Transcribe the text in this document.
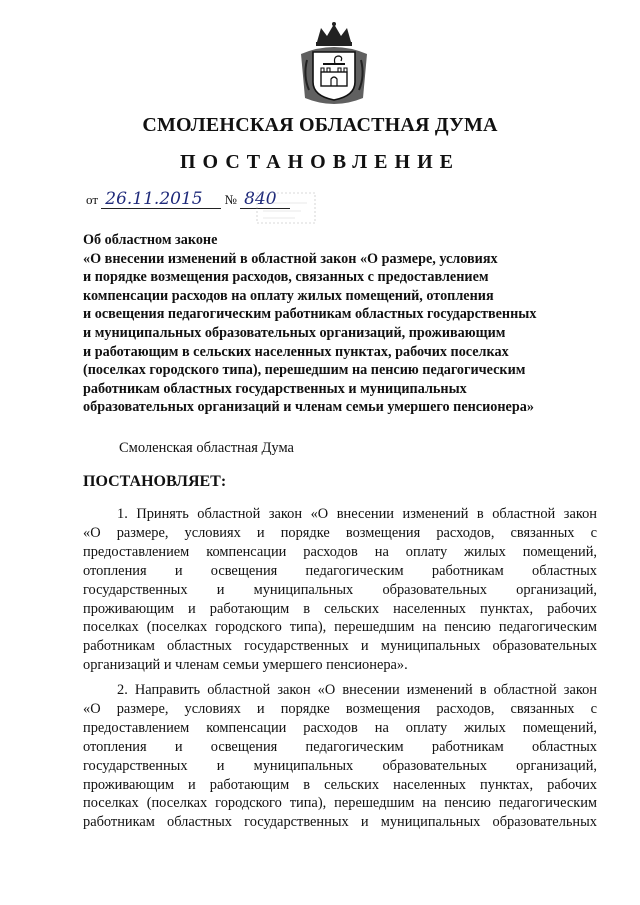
СМОЛЕНСКАЯ ОБЛАСТНАЯ ДУМА
ПОСТАНОВЛЕНИЕ
от 26.11.2015 № 840
Об областном законе
«О внесении изменений в областной закон «О размере, условиях
и порядке возмещения расходов, связанных с предоставлением
компенсации расходов на оплату жилых помещений, отопления
и освещения педагогическим работникам областных государственных
и муниципальных образовательных организаций, проживающим
и работающим в сельских населенных пунктах, рабочих поселках
(поселках городского типа), перешедшим на пенсию педагогическим
работникам областных государственных и муниципальных
образовательных организаций и членам семьи умершего пенсионера»
Смоленская областная Дума
ПОСТАНОВЛЯЕТ:
1. Принять областной закон «О внесении изменений в областной закон
«О размере, условиях и порядке возмещения расходов, связанных с
предоставлением компенсации расходов на оплату жилых помещений,
отопления и освещения педагогическим работникам областных
государственных и муниципальных образовательных организаций,
проживающим и работающим в сельских населенных пунктах, рабочих
поселках (поселках городского типа), перешедшим на пенсию педагогическим
работникам областных государственных и муниципальных образовательных
организаций и членам семьи умершего пенсионера».
2. Направить областной закон «О внесении изменений в областной закон
«О размере, условиях и порядке возмещения расходов, связанных с
предоставлением компенсации расходов на оплату жилых помещений,
отопления и освещения педагогическим работникам областных
государственных и муниципальных образовательных организаций,
проживающим и работающим в сельских населенных пунктах, рабочих
поселках (поселках городского типа), перешедшим на пенсию педагогическим
работникам областных государственных и муниципальных образовательных
